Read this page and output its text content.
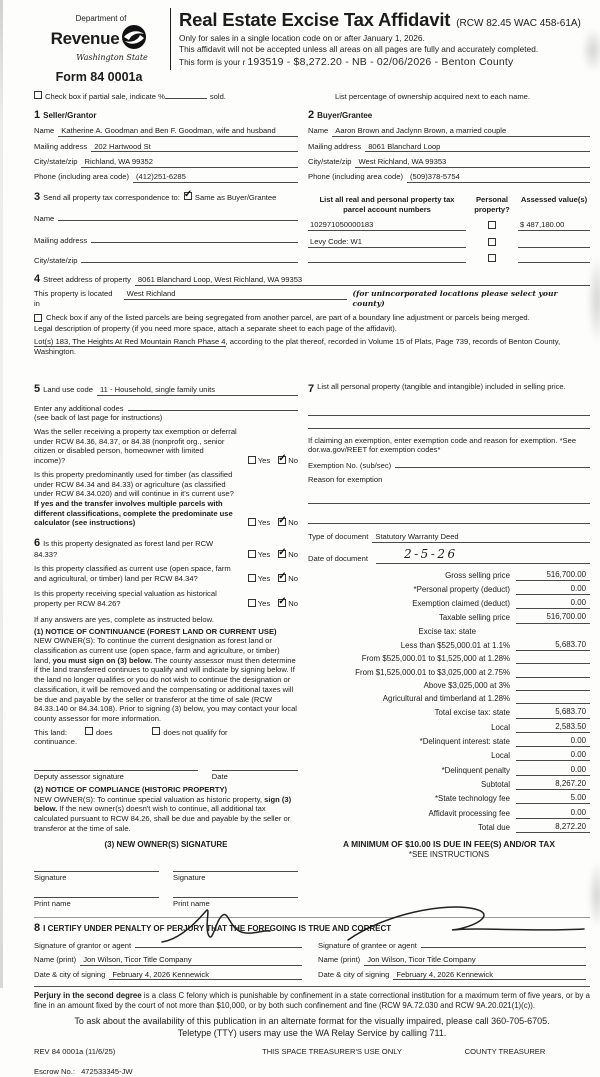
Department of
Revenue
Washington State
Form 84 0001a
Real Estate Excise Tax Affidavit (RCW 82.45 WAC 458-61A)
Only for sales in a single location code on or after January 1, 2026.
This affidavit will not be accepted unless all areas on all pages are fully and accurately completed.
This form is your r 193519 - $8,272.20 - NB - 02/06/2026 - Benton County
Check box if partial sale, indicate %	sold.	List percentage of ownership acquired next to each name.
1 Seller/Grantor
Name Katherine A. Goodman and Ben F. Goodman, wife and husband
Mailing address 202 Hartwood St
City/state/zip Richland, WA 99352
Phone (including area code) (412)251-6285
2 Buyer/Grantee
Name Aaron Brown and Jaclynn Brown, a married couple
Mailing address 8061 Blanchard Loop
City/state/zip West Richland, WA 99353
Phone (including area code) (509)378-5754
3 Send all property tax correspondence to: ✓ Same as Buyer/Grantee
Name
Mailing address
City/state/zip
List all real and personal property tax parcel account numbers
Personal property?
Assessed value(s)
102971050000183	$ 487,180.00
Levy Code: W1
4 Street address of property 8061 Blanchard Loop, West Richland, WA 99353
This property is located in
West Richland	(for unincorporated locations please select your county)
Check box if any of the listed parcels are being segregated from another parcel, are part of a boundary line adjustment or parcels being merged.
Legal description of property (if you need more space, attach a separate sheet to each page of the affidavit).
Lot(s) 183, The Heights At Red Mountain Ranch Phase 4, according to the plat thereof, recorded in Volume 15 of Plats, Page 739, records of Benton County, Washington.
5 Land use code 11 - Household, single family units
Enter any additional codes
(see back of last page for instructions)
Was the seller receiving a property tax exemption or deferral under RCW 84.36, 84.37, or 84.38 (nonprofit org., senior citizen or disabled person, homeowner with limited income)?	Yes ✓ No
Is this property predominantly used for timber (as classified under RCW 84.34 and 84.33) or agriculture (as classified under RCW 84.34.020) and will continue in it's current use? If yes and the transfer involves multiple parcels with different classifications, complete the predominate use calculator (see instructions)	Yes ✓ No
6 Is this property designated as forest land per RCW 84.33?	Yes ✓ No
Is this property classified as current use (open space, farm and agricultural, or timber) land per RCW 84.34?	Yes ✓ No
Is this property receiving special valuation as historical property per RCW 84.26?	Yes ✓ No
If any answers are yes, complete as instructed below.
(1) NOTICE OF CONTINUANCE (FOREST LAND OR CURRENT USE)
NEW OWNER(S): To continue the current designation as forest land or classification as current use (open space, farm and agriculture, or timber) land, you must sign on (3) below. The county assessor must then determine if the land transferred continues to qualify and will indicate by signing below. If the land no longer qualifies or you do not wish to continue the designation or classification, it will be removed and the compensating or additional taxes will be due and payable by the seller or transferor at the time of sale (RCW 84.33.140 or 84.34.108). Prior to signing (3) below, you may contact your local county assessor for more information.
This land:	does	does not qualify for
continuance.
Deputy assessor signature	Date
(2) NOTICE OF COMPLIANCE (HISTORIC PROPERTY)
NEW OWNER(S): To continue special valuation as historic property, sign (3) below. If the new owner(s) doesn't wish to continue, all additional tax calculated pursuant to RCW 84.26, shall be due and payable by the seller or transferor at the time of sale.
(3) NEW OWNER(S) SIGNATURE
Signature	Signature
Print name	Print name
7 List all personal property (tangible and intangible) included in selling price.
If claiming an exemption, enter exemption code and reason for exemption. *See dor.wa.gov/REET for exemption codes*
Exemption No. (sub/sec)
Reason for exemption
Type of document Statutory Warranty Deed
Date of document	2-5-26
Gross selling price	516,700.00
*Personal property (deduct)	0.00
Exemption claimed (deduct)	0.00
Taxable selling price	516,700.00
Excise tax: state
Less than $525,000.01 at 1.1%	5,683.70
From $525,000.01 to $1,525,000 at 1.28%
From $1,525,000.01 to $3,025,000 at 2.75%
Above $3,025,000 at 3%
Agricultural and timberland at 1.28%
Total excise tax: state	5,683.70
Local	2,583.50
*Delinquent interest: state	0.00
Local	0.00
*Delinquent penalty	0.00
Subtotal	8,267.20
*State technology fee	5.00
Affidavit processing fee	0.00
Total due	8,272.20
A MINIMUM OF $10.00 IS DUE IN FEE(S) AND/OR TAX
*SEE INSTRUCTIONS
8 I CERTIFY UNDER PENALTY OF PERJURY THAT THE FOREGOING IS TRUE AND CORRECT
Signature of grantor or agent
Name (print) Jon Wilson, Ticor Title Company
Date & city of signing February 4, 2026 Kennewick
Signature of grantee or agent
Name (print) Jon Wilson, Ticor Title Company
Date & city of signing February 4, 2026 Kennewick
Perjury in the second degree is a class C felony which is punishable by confinement in a state correctional institution for a maximum term of five years, or by a fine in an amount fixed by the court of not more than $10,000, or by both such confinement and fine (RCW 9A.72.030 and RCW 9A.20.021(1)(c)).
To ask about the availability of this publication in an alternate format for the visually impaired, please call 360-705-6705. Teletype (TTY) users may use the WA Relay Service by calling 711.
REV 84 0001a (11/6/25)	THIS SPACE TREASURER'S USE ONLY	COUNTY TREASURER
Escrow No.: 472533345-JW
